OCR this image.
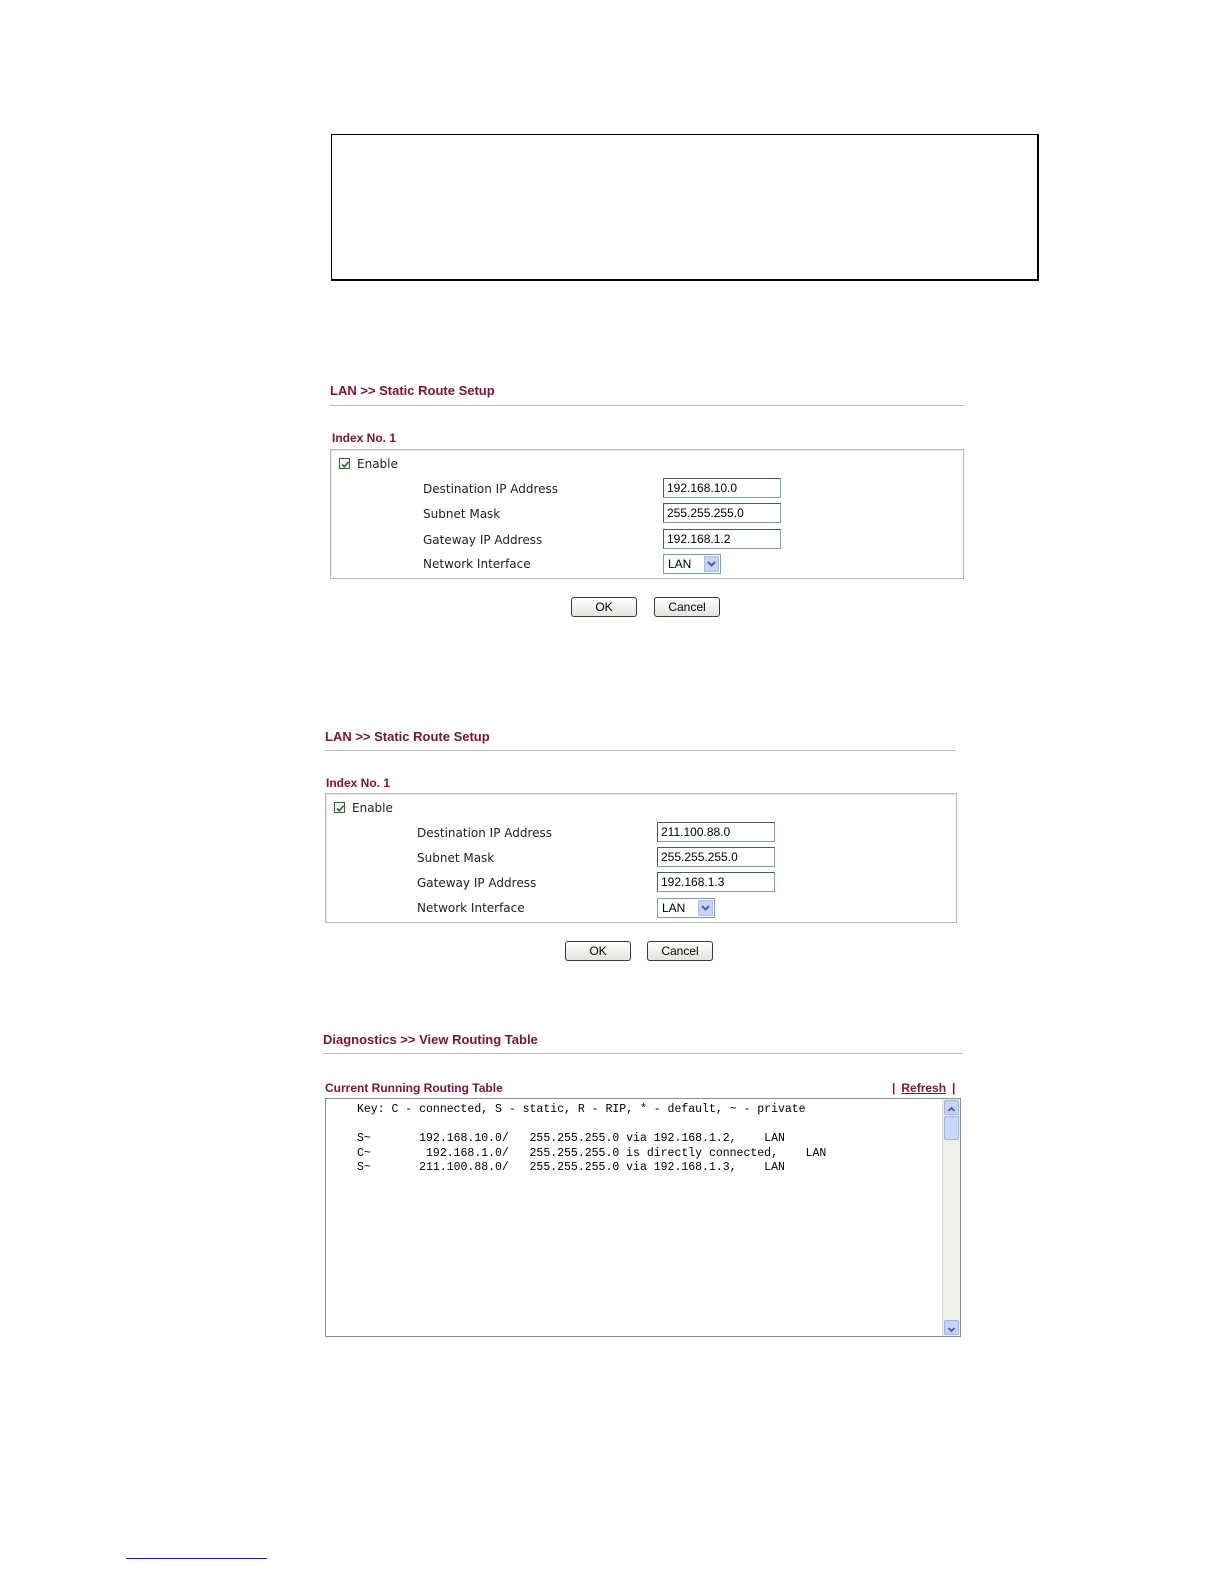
LAN >> Static Route Setup
Index No. 1
Enable
Destination IP Address	192.168.10.0
Subnet Mask	255.255.255.0
Gateway IP Address	192.168.1.2
Network Interface	LAN
OK	Cancel
LAN >> Static Route Setup
Index No. 1
Enable
Destination IP Address	211.100.88.0
Subnet Mask	255.255.255.0
Gateway IP Address	192.168.1.3
Network Interface	LAN
OK	Cancel
Diagnostics >> View Routing Table
Current Running Routing Table	| Refresh |
Key: C - connected, S - static, R - RIP, * - default, ~ - private

S~       192.168.10.0/   255.255.255.0 via 192.168.1.2,    LAN
C~        192.168.1.0/   255.255.255.0 is directly connected,    LAN
S~       211.100.88.0/   255.255.255.0 via 192.168.1.3,    LAN
